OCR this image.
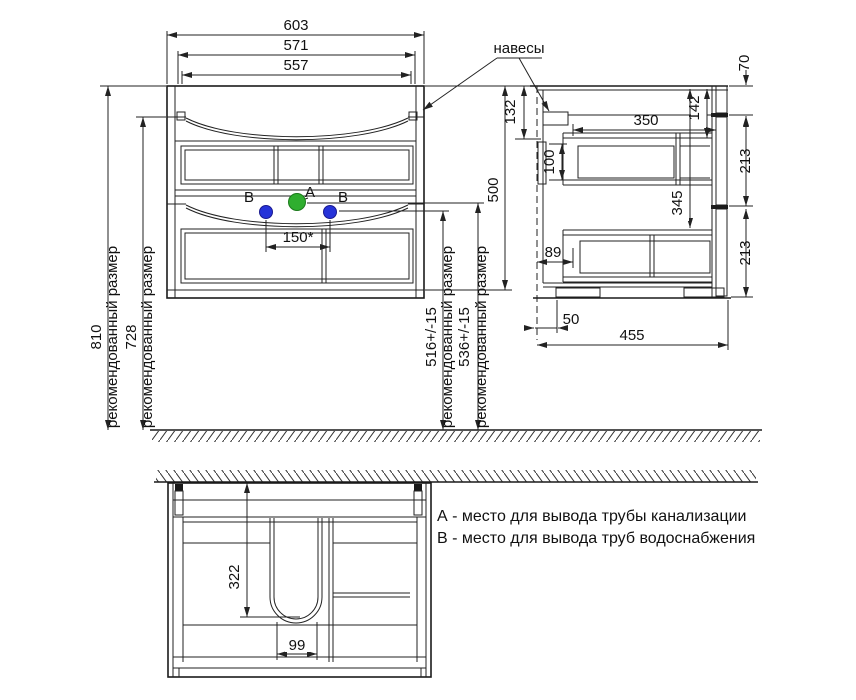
А
В	В
603
571
557
810 рекомендованный размер 728 рекомендованный размер
150*
500
132
516+/-15 рекомендованный размер 536+/-15 рекомендованный размер
навесы
350 142
345
100
70
213
213
89
50
455
322
99
А - место для вывода трубы канализации
В - место для вывода труб водоснабжения
